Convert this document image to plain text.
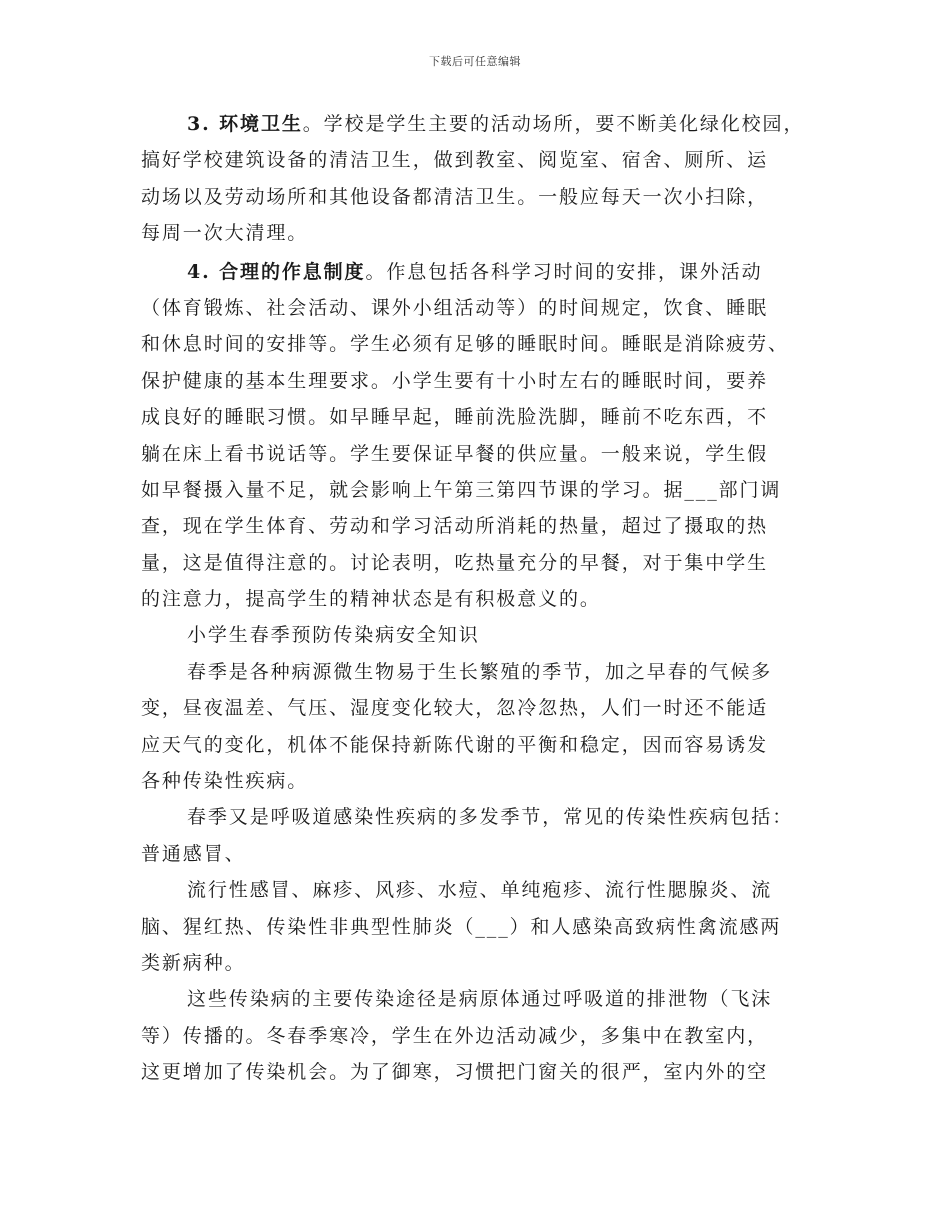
下载后可任意编辑
3. 环境卫生。学校是学生主要的活动场所，要不断美化绿化校园，
搞好学校建筑设备的清洁卫生，做到教室、阅览室、宿舍、厕所、运
动场以及劳动场所和其他设备都清洁卫生。一般应每天一次小扫除，
每周一次大清理。
4. 合理的作息制度。作息包括各科学习时间的安排，课外活动
（体育锻炼、社会活动、课外小组活动等）的时间规定，饮食、睡眠
和休息时间的安排等。学生必须有足够的睡眠时间。睡眠是消除疲劳、
保护健康的基本生理要求。小学生要有十小时左右的睡眠时间，要养
成良好的睡眠习惯。如早睡早起，睡前洗脸洗脚，睡前不吃东西，不
躺在床上看书说话等。学生要保证早餐的供应量。一般来说，学生假
如早餐摄入量不足，就会影响上午第三第四节课的学习。据___部门调
查，现在学生体育、劳动和学习活动所消耗的热量，超过了摄取的热
量，这是值得注意的。讨论表明，吃热量充分的早餐，对于集中学生
的注意力，提高学生的精神状态是有积极意义的。
小学生春季预防传染病安全知识
春季是各种病源微生物易于生长繁殖的季节，加之早春的气候多
变，昼夜温差、气压、湿度变化较大，忽冷忽热，人们一时还不能适
应天气的变化，机体不能保持新陈代谢的平衡和稳定，因而容易诱发
各种传染性疾病。
春季又是呼吸道感染性疾病的多发季节，常见的传染性疾病包括：
普通感冒、
流行性感冒、麻疹、风疹、水痘、单纯疱疹、流行性腮腺炎、流
脑、猩红热、传染性非典型性肺炎（___）和人感染高致病性禽流感两
类新病种。
这些传染病的主要传染途径是病原体通过呼吸道的排泄物（飞沫
等）传播的。冬春季寒冷，学生在外边活动减少，多集中在教室内，
这更增加了传染机会。为了御寒，习惯把门窗关的很严，室内外的空
